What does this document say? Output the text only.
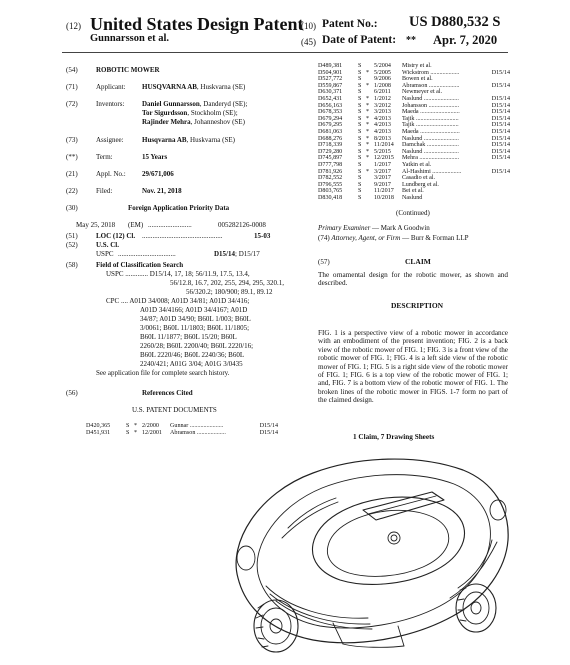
(12) United States Design Patent
Gunnarsson et al.
(10) Patent No.: US D880,532 S
(45) Date of Patent: ** Apr. 7, 2020
(54)	ROBOTIC MOWER
(71)	Applicant: HUSQVARNA AB, Huskvarna (SE)
(72)	Inventors:	Daniel Gunnarsson, Danderyd (SE);
Tor Sigurdsson, Stockholm (SE);
Rajinder Mehra, Johanneshov (SE)
(73)	Assignee:	Husqvarna AB, Huskvarna (SE)
(**)	Term:	15 Years
(21)	Appl. No.: 29/671,006
(22)	Filed:	Nov. 21, 2018
(30)	Foreign Application Priority Data
May 25, 2018 (EM) .........................	005282126-0008
(51)	LOC (12) Cl. ..............................................	15-03
(52)	U.S. Cl.
USPC .................................	D15/14; D15/17
(58)	Field of Classification Search
USPC ............. D15/14, 17, 18; 56/11.9, 17.5, 13.4,
56/12.8, 16.7, 202, 255, 294, 295, 320.1,
56/320.2; 180/900; 89.1, 89.12
CPC .... A01D 34/008; A01D 34/81; A01D 34/416;
A01D 34/4166; A01D 34/4167; A01D
34/87; A01D 34/90; B60L 1/003; B60L
3/0061; B60L 11/1803; B60L 11/1805;
B60L 11/1877; B60L 15/20; B60L
2260/28; B60L 2200/40; B60L 2220/16;
B60L 2220/46; B60L 2240/36; B60L
2240/421; A01G 3/04; A01G 3/0435
See application file for complete search history.
(56)	References Cited
U.S. PATENT DOCUMENTS
D420,365	S * 2/2000 Gunnar ......................	D15/14
D451,931	S * 12/2001 Abramson ...................	D15/14
D489,381	S 5/2004 Mistry et al.
D504,901	S * 5/2005 Wickstrom ...................	D15/14
D527,772	S 9/2006 Bowen et al.
D559,867	S * 1/2008 Abramson ....................	D15/14
D630,371	S 6/2011 Newmeyer et al.
D652,431	S * 1/2012 Naslund .......................	D15/14
D656,163	S * 3/2012 Johansson ....................	D15/14
D678,353	S * 3/2013 Maeda ..........................	D15/14
D679,294	S * 4/2013 Tajik ............................	D15/14
D679,295	S * 4/2013 Tajik ............................	D15/14
D681,063	S * 4/2013 Maeda ..........................	D15/14
D688,276	S * 8/2013 Naslund .......................	D15/14
D718,339	S * 11/2014 Damchak .....................	D15/14
D729,280	S * 5/2015 Naslund .......................	D15/14
D745,897	S * 12/2015 Mehra ..........................	D15/14
D777,798	S 1/2017 Yatkin et al.
D781,926	S * 3/2017 Al-Hashimi ...................	D15/14
D782,552	S 3/2017 Casadio et al.
D796,555	S 9/2017 Lundberg et al.
D803,765	S 11/2017 Bei et al.
D830,418	S 10/2018 Naslund
(Continued)
Primary Examiner — Mark A Goodwin
(74) Attorney, Agent, or Firm — Burr & Forman LLP
(57)	CLAIM
The ornamental design for the robotic mower, as shown and described.
DESCRIPTION
FIG. 1 is a perspective view of a robotic mower in accordance with an embodiment of the present invention; FIG. 2 is a back view of the robotic mower of FIG. 1; FIG. 3 is a front view of the robotic mower of FIG. 1; FIG. 4 is a left side view of the robotic mower of FIG. 1; FIG. 5 is a right side view of the robotic mower of FIG. 1; FIG. 6 is a top view of the robotic mower of FIG. 1; and, FIG. 7 is a bottom view of the robotic mower of FIG. 1. The broken lines of the robotic mower in FIGS. 1-7 form no part of the claimed design.
1 Claim, 7 Drawing Sheets
